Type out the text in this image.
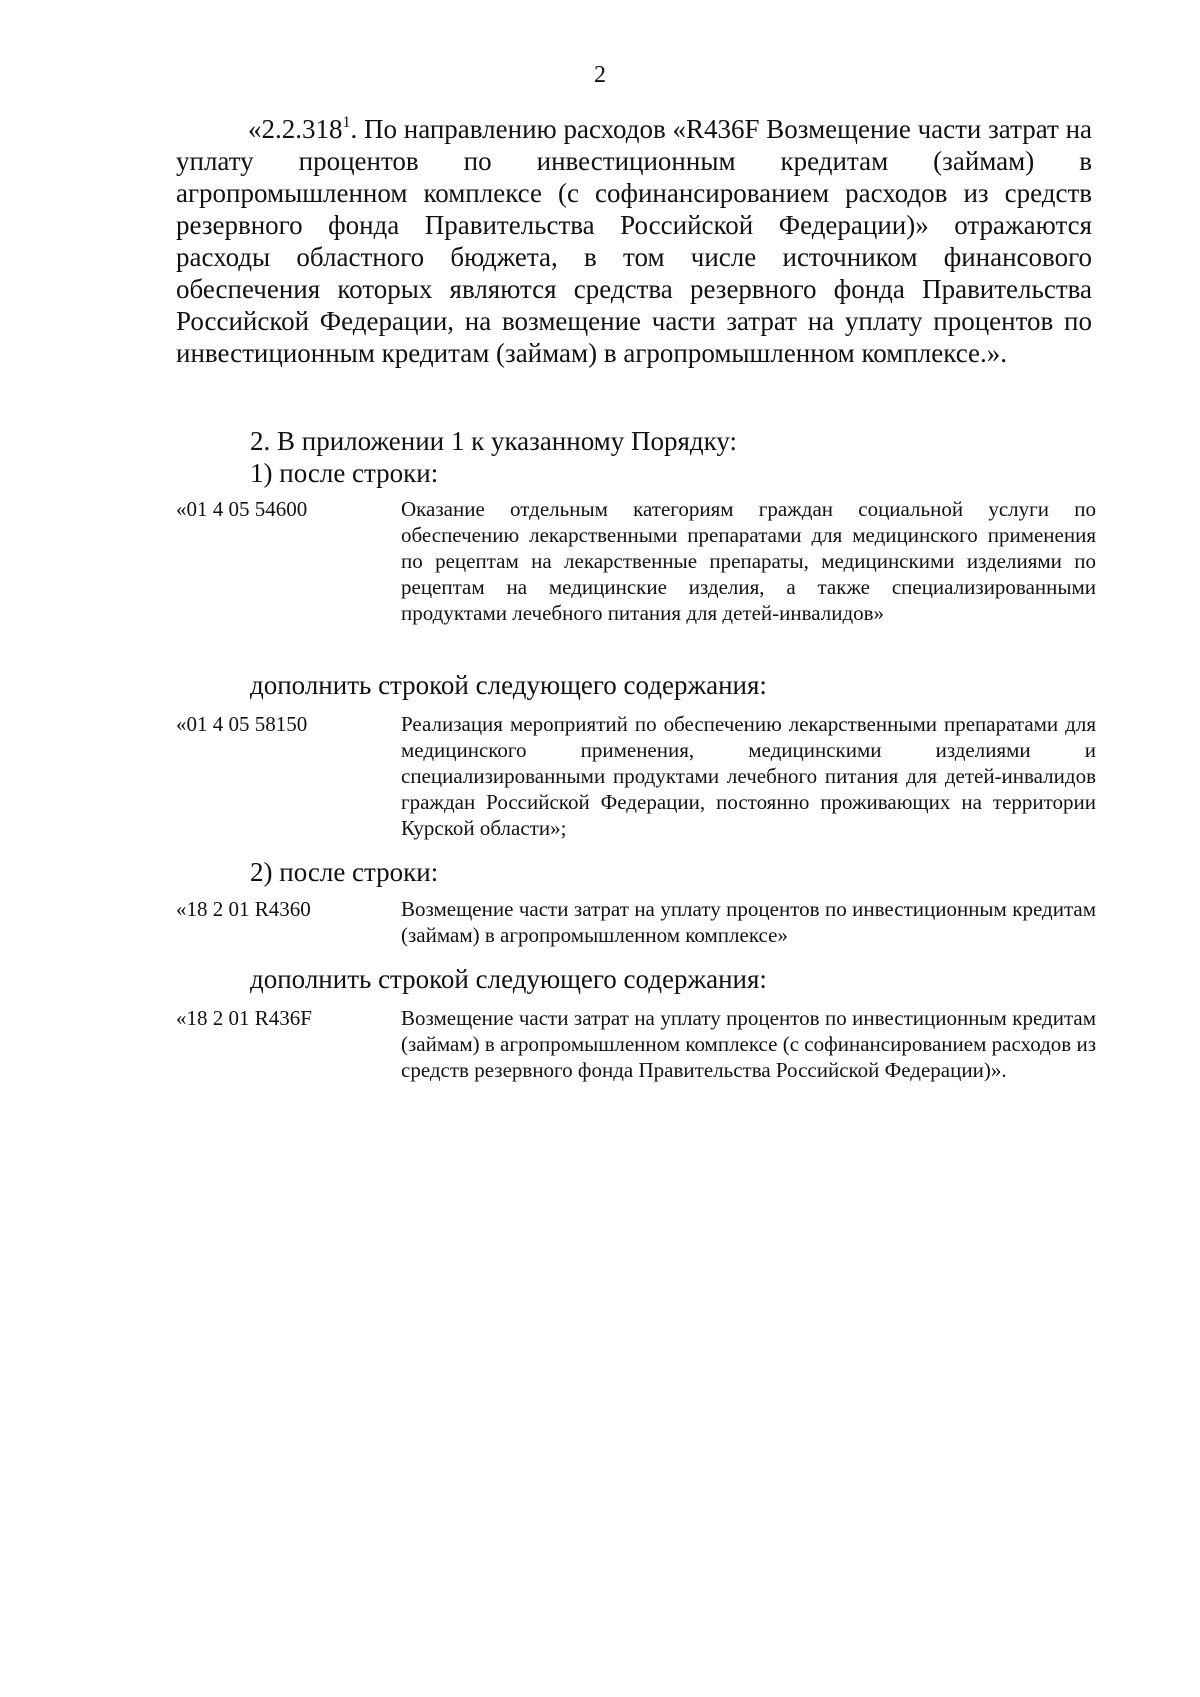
2
«2.2.318$^1$. По направлению расходов «R436F Возмещение части затрат на уплату процентов по инвестиционным кредитам (займам) в агропромышленном комплексе (с софинансированием расходов из средств резервного фонда Правительства Российской Федерации)» отражаются расходы областного бюджета, в том числе источником финансового обеспечения которых являются средства резервного фонда Правительства Российской Федерации, на возмещение части затрат на уплату процентов по инвестиционным кредитам (займам) в агропромышленном комплексе.».
2. В приложении 1 к указанному Порядку:
1) после строки:
«01 4 05 54600	Оказание отдельным категориям граждан социальной услуги по обеспечению лекарственными препаратами для медицинского применения по рецептам на лекарственные препараты, медицинскими изделиями по рецептам на медицинские изделия, а также специализированными продуктами лечебного питания для детей-инвалидов»
дополнить строкой следующего содержания:
«01 4 05 58150	Реализация мероприятий по обеспечению лекарственными препаратами для медицинского применения, медицинскими изделиями и специализированными продуктами лечебного питания для детей-инвалидов граждан Российской Федерации, постоянно проживающих на территории Курской области»;
2) после строки:
«18 2 01 R4360	Возмещение части затрат на уплату процентов по инвестиционным кредитам (займам) в агропромышленном комплексе»
дополнить строкой следующего содержания:
«18 2 01 R436F	Возмещение части затрат на уплату процентов по инвестиционным кредитам (займам) в агропромышленном комплексе (с софинансированием расходов из средств резервного фонда Правительства Российской Федерации)».
